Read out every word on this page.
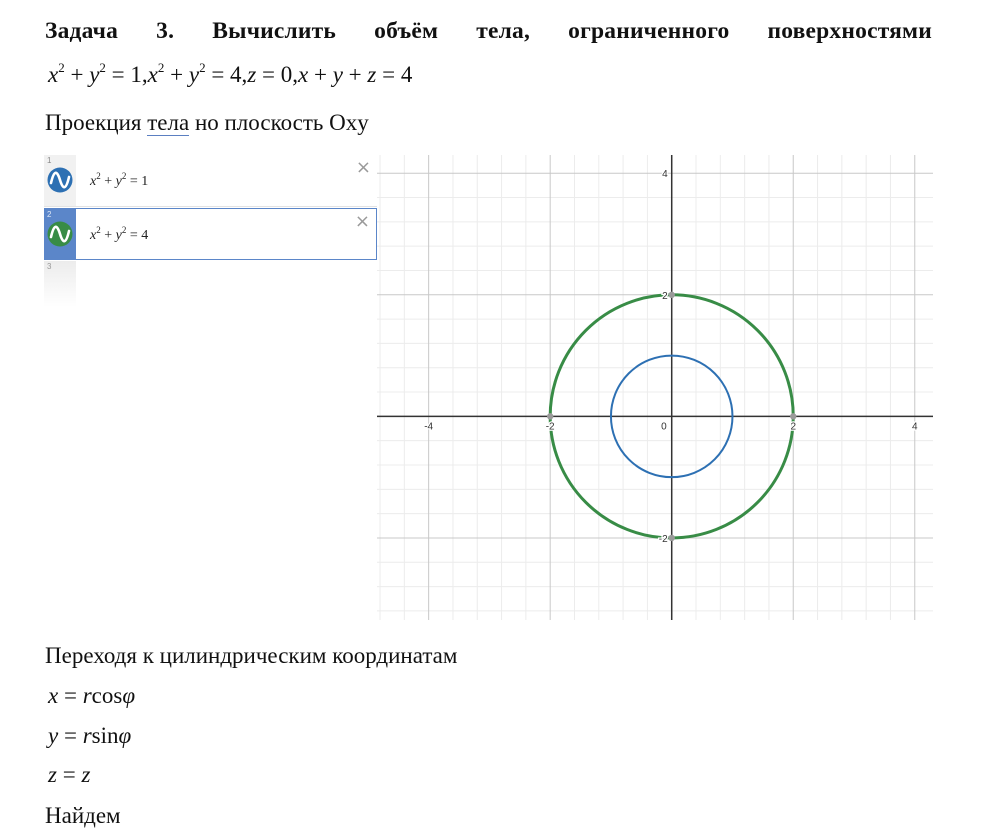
Задача 3. Вычислить объём тела, ограниченного поверхностями
$x^2 + y^2 = 1,x^2 + y^2 = 4,z = 0,x + y + z = 4$
Проекция тела но плоскость Oxy
1
$x^2 + y^2 = 1$
×
2
$x^2 + y^2 = 4$
×
3
-4	-2	0	2	4
4
2
-2
Переходя к цилиндрическим координатам
x = rcosφ
y = rsinφ
z = z
Найдем
